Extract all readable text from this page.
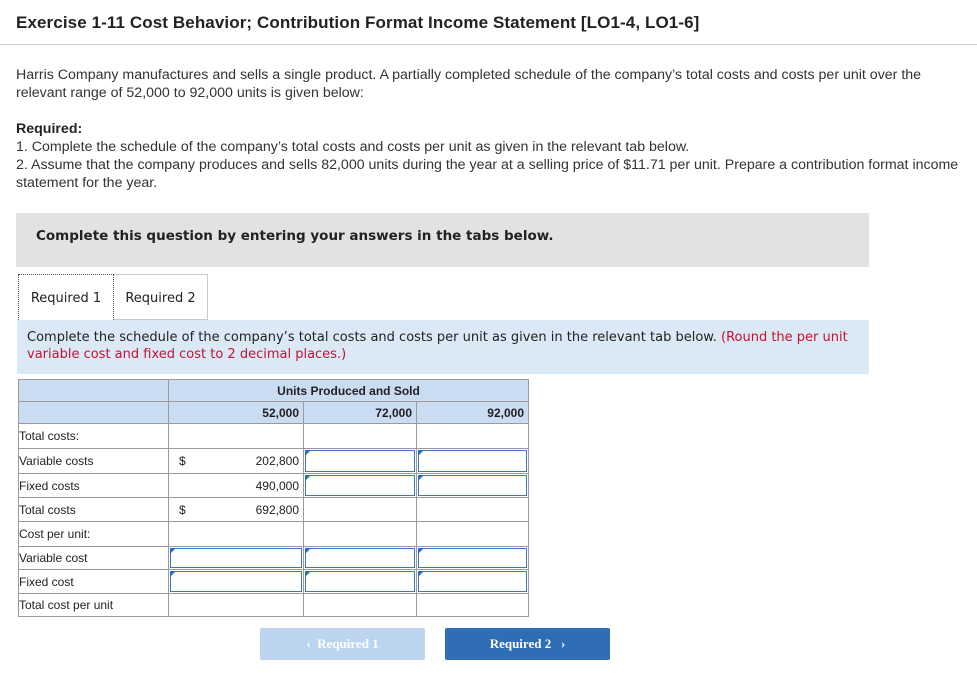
Exercise 1-11 Cost Behavior; Contribution Format Income Statement [LO1-4, LO1-6]
Harris Company manufactures and sells a single product. A partially completed schedule of the company’s total costs and costs per unit over the relevant range of 52,000 to 92,000 units is given below:
Required:
1. Complete the schedule of the company’s total costs and costs per unit as given in the relevant tab below.
2. Assume that the company produces and sells 82,000 units during the year at a selling price of $11.71 per unit. Prepare a contribution format income statement for the year.
Complete this question by entering your answers in the tabs below.
Required 1	Required 2

Complete the schedule of the company’s total costs and costs per unit as given in the relevant tab below. (Round the per unit variable cost and fixed cost to 2 decimal places.)

	Units Produced and Sold		
	52,000	72,000	92,000
Total costs:			
Variable costs	$ 202,800		

Fixed costs	490,000		

Total costs	$ 692,800		

Cost per unit:			
Variable cost	

Fixed cost	

Total cost per unit			
‹ Required 1	Required 2 ›
